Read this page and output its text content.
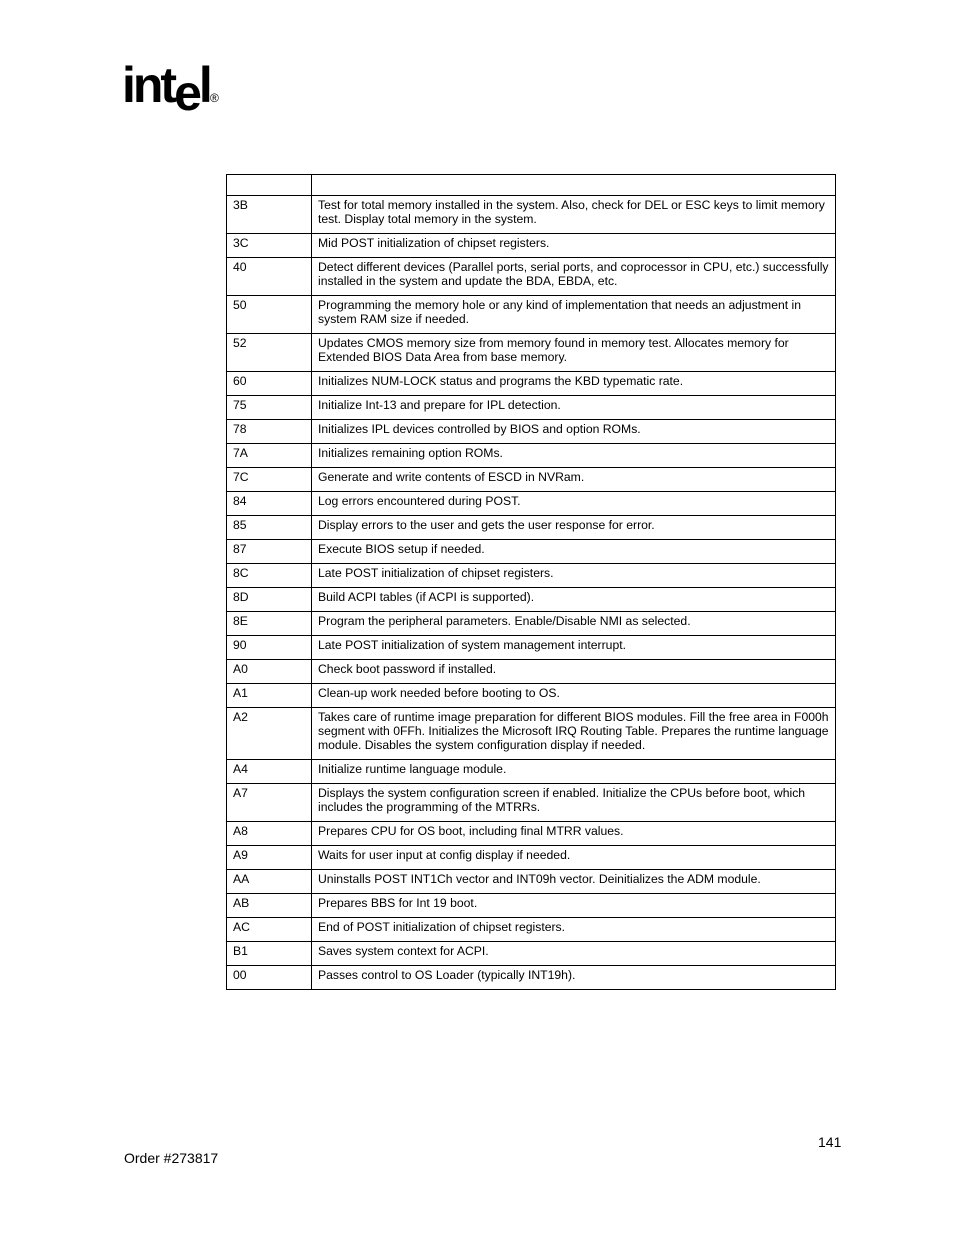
intel ®

3B	Test for total memory installed in the system. Also, check for DEL or ESC keys to limit memory test. Display total memory in the system.
3C	Mid POST initialization of chipset registers.
40	Detect different devices (Parallel ports, serial ports, and coprocessor in CPU, etc.) successfully installed in the system and update the BDA, EBDA, etc.
50	Programming the memory hole or any kind of implementation that needs an adjustment in system RAM size if needed.
52	Updates CMOS memory size from memory found in memory test. Allocates memory for Extended BIOS Data Area from base memory.
60	Initializes NUM-LOCK status and programs the KBD typematic rate.
75	Initialize Int-13 and prepare for IPL detection.
78	Initializes IPL devices controlled by BIOS and option ROMs.
7A	Initializes remaining option ROMs.
7C	Generate and write contents of ESCD in NVRam.
84	Log errors encountered during POST.
85	Display errors to the user and gets the user response for error.
87	Execute BIOS setup if needed.
8C	Late POST initialization of chipset registers.
8D	Build ACPI tables (if ACPI is supported).
8E	Program the peripheral parameters. Enable/Disable NMI as selected.
90	Late POST initialization of system management interrupt.
A0	Check boot password if installed.
A1	Clean-up work needed before booting to OS.
A2	Takes care of runtime image preparation for different BIOS modules. Fill the free area in F000h segment with 0FFh. Initializes the Microsoft IRQ Routing Table. Prepares the runtime language module. Disables the system configuration display if needed.
A4	Initialize runtime language module.
A7	Displays the system configuration screen if enabled. Initialize the CPUs before boot, which includes the programming of the MTRRs.
A8	Prepares CPU for OS boot, including final MTRR values.
A9	Waits for user input at config display if needed.
AA	Uninstalls POST INT1Ch vector and INT09h vector. Deinitializes the ADM module.
AB	Prepares BBS for Int 19 boot.
AC	End of POST initialization of chipset registers.
B1	Saves system context for ACPI.
00	Passes control to OS Loader (typically INT19h).
141
Order #273817
